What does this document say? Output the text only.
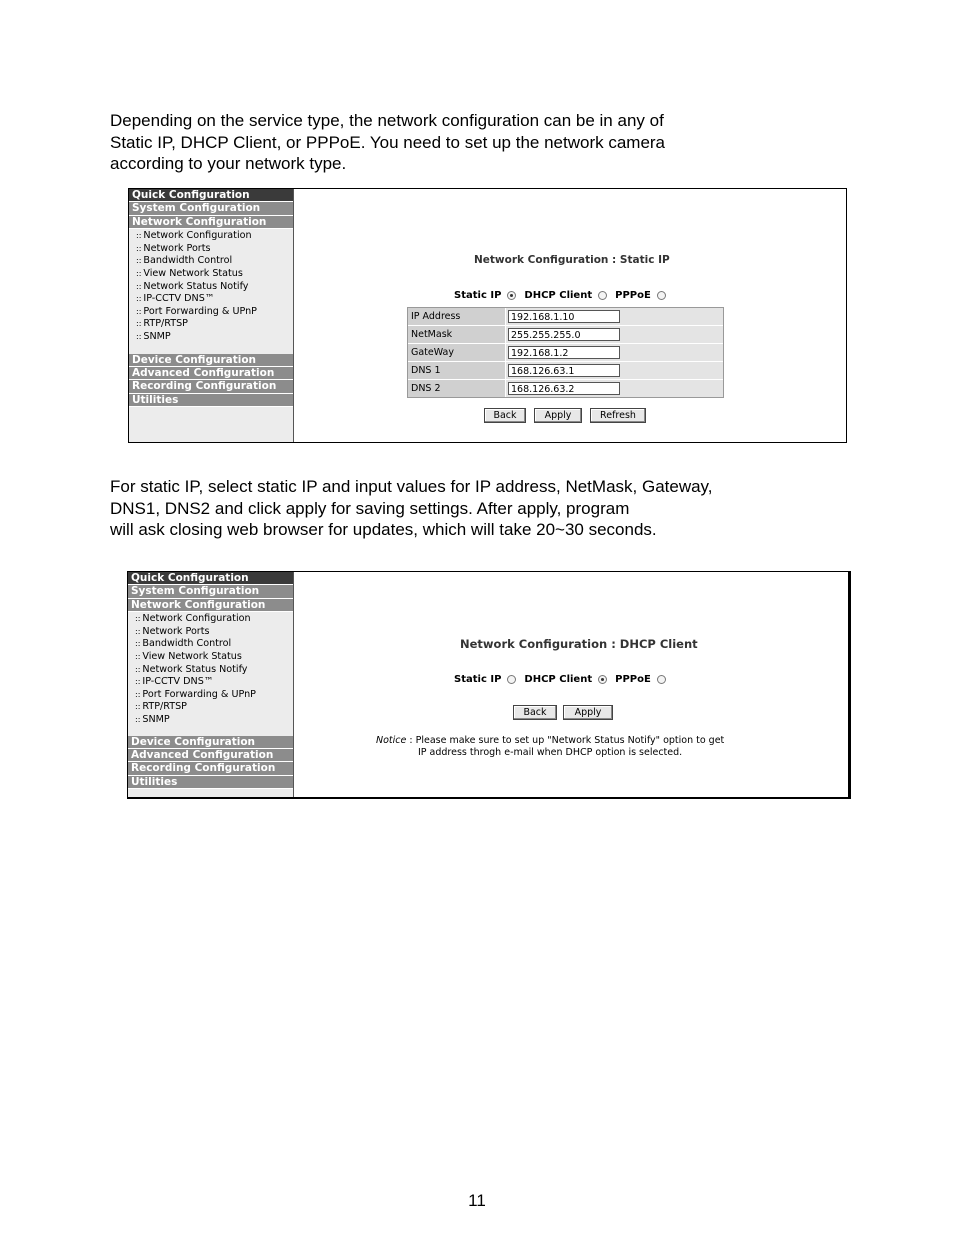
Depending on the service type, the network configuration can be in any of
Static IP, DHCP Client, or PPPoE. You need to set up the network camera
according to your network type.
Quick Configuration
System Configuration
Network Configuration
:: Network Configuration
:: Network Ports
:: Bandwidth Control
:: View Network Status
:: Network Status Notify
:: IP-CCTV DNS™
:: Port Forwarding & UPnP
:: RTP/RTSP
:: SNMP
Device Configuration
Advanced Configuration
Recording Configuration
Utilities
Network Configuration : Static IP
Static IP DHCP Client PPPoE
IP Address	192.168.1.10
NetMask	255.255.255.0
GateWay	192.168.1.2
DNS 1	168.126.63.1
DNS 2	168.126.63.2
Back	Apply	Refresh
For static IP, select static IP and input values for IP address, NetMask, Gateway,
DNS1, DNS2 and click apply for saving settings. After apply, program
will ask closing web browser for updates, which will take 20~30 seconds.
Quick Configuration
System Configuration
Network Configuration
:: Network Configuration
:: Network Ports
:: Bandwidth Control
:: View Network Status
:: Network Status Notify
:: IP-CCTV DNS™
:: Port Forwarding & UPnP
:: RTP/RTSP
:: SNMP
Device Configuration
Advanced Configuration
Recording Configuration
Utilities
Network Configuration : DHCP Client
Static IP DHCP Client PPPoE
Back	Apply
Notice : Please make sure to set up "Network Status Notify" option to get
IP address throgh e-mail when DHCP option is selected.
11
